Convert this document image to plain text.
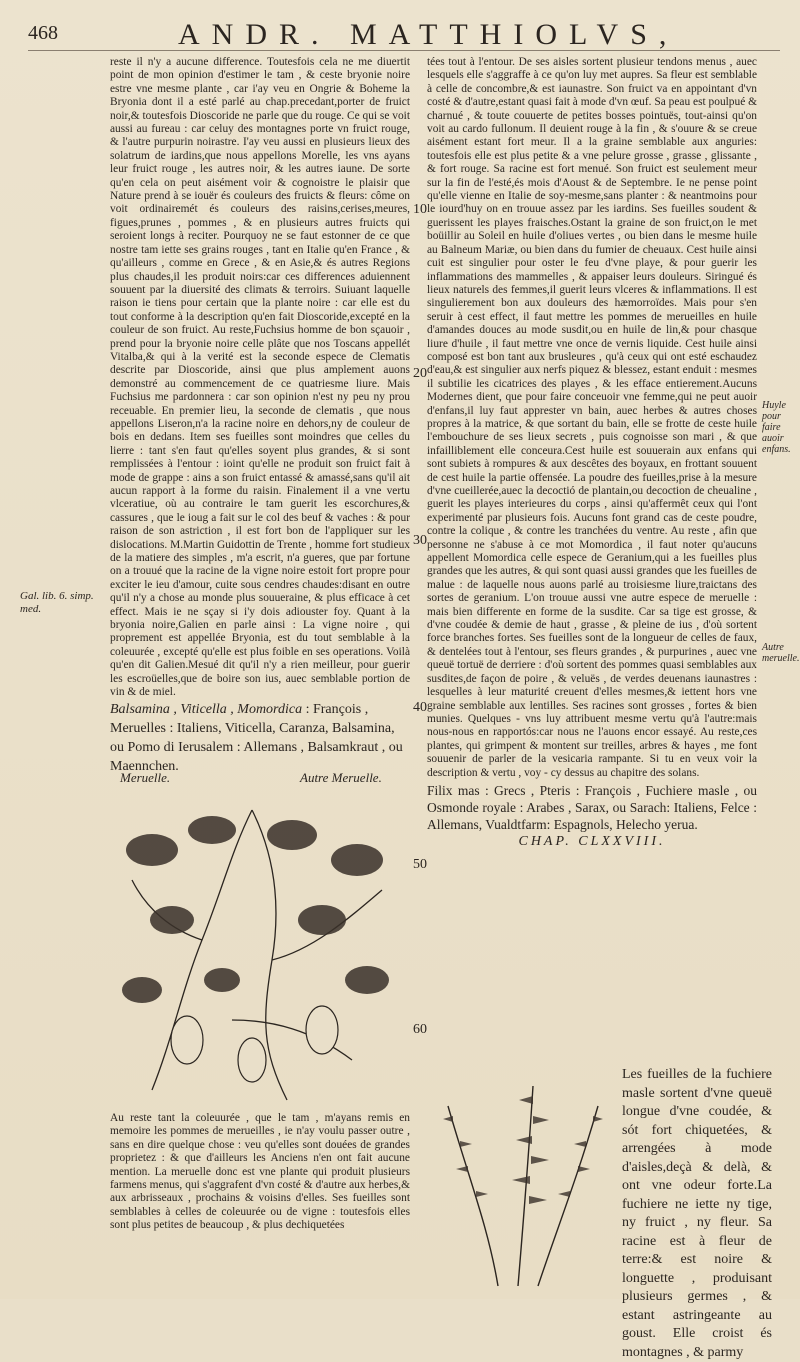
468	ANDR. MATTHIOLVS,
Gal. lib. 6. simp. med.

reste il n'y a aucune difference. Toutesfois cela ne me diuertit point de mon opinion d'estimer le tam , & ceste bryonie noire estre vne mesme plante , car i'ay veu en Ongrie & Boheme la Bryonia dont il a esté parlé au chap.precedant,porter de fruict noir,& toutesfois Dioscoride ne parle que du rouge. Ce qui se voit aussi au fureau : car celuy des montagnes porte vn fruict rouge, & l'autre purpurin noirastre. I'ay veu aussi en plusieurs lieux des solatrum de iardins,que nous appellons Morelle, les vns ayans leur fruict rouge , les autres noir, & les autres iaune. De sorte qu'en cela on peut aisément voir & cognoistre le plaisir que Nature prend à se iouër és couleurs des fruicts & fleurs: côme on voit ordinairemét és couleurs des raisins,cerises,meures, figues,prunes , pommes , & en plusieurs autres fruicts qui seroient longs à reciter. Pourquoy ne se faut estonner de ce que nostre tam iette ses grains rouges , tant en Italie qu'en France , & qu'ailleurs , comme en Grece , & en Asie,& és autres Regions plus chaudes,il les produit noirs:car ces differences aduiennent souuent par la diuersité des climats & terroirs. Suiuant laquelle raison ie tiens pour certain que la plante noire : car elle est du tout conforme à la description qu'en fait Dioscoride,excepté en la couleur de son fruict. Au reste,Fuchsius homme de bon sçauoir , prend pour la bryonie noire celle plâte que nos Toscans appellét Vitalba,& qui à la verité est la seconde espece de Clematis descrite par Dioscoride, ainsi que plus amplement auons demonstré au commencement de ce quatriesme liure. Mais Fuchsius me pardonnera : car son opinion n'est ny peu ny prou receuable. En premier lieu, la seconde de clematis , que nous appellons Liseron,n'a la racine noire en dehors,ny de couleur de bois en dedans. Item ses fueilles sont moindres que celles du lierre : tant s'en faut qu'elles soyent plus grandes, & si sont remplissées à l'entour : ioint qu'elle ne produit son fruict fait à mode de grappe : ains a son fruict entassé & amassé,sans qu'il ait aucun rapport à la forme du raisin. Finalement il a vne vertu vlceratiue, où au contraire le tam guerit les escorchures,& cassures , que le ioug a fait sur le col des beuf & vaches : & pour raison de son astriction , il est fort bon de l'appliquer sur les dislocations. M.Martin Guidottin de Trente , homme fort studieux de la matiere des simples , m'a escrit, n'a gueres, que par fortune on a trouué que la racine de la vigne noire estoit fort propre pour exciter le ieu d'amour, cuite sous cendres chaudes:disant en outre qu'il n'y a chose au monde plus souueraine, & plus efficace à cet effect. Mais ie ne sçay si i'y dois adiouster foy. Quant à la bryonia noire,Galien en parle ainsi : La vigne noire , qui proprement est appellée Bryonia, est du tout semblable à la coleuurée , excepté qu'elle est plus foible en ses operations. Voilà qu'en dit Galien.Mesué dit qu'il n'y a rien meilleur, pour guerir les escroüelles,que de boire son ius, auec semblable portion de vin & de miel.

10
20
30
40
50
60
Balsamina , Viticella , Momordica : François , Meruelles : Italiens, Viticella, Caranza, Balsamina, ou Pomo di Ierusalem : Allemans , Balsamkraut , ou Maennchen.
Meruelle.	Autre Meruelle.
Au reste tant la coleuurée , que le tam , m'ayans remis en memoire les pommes de merueilles , ie n'ay voulu passer outre , sans en dire quelque chose : veu qu'elles sont douées de grandes proprietez : & que d'ailleurs les Anciens n'en ont fait aucune mention. La meruelle donc est vne plante qui produit plusieurs farmens menus, qui s'aggrafent d'vn costé & d'autre aux herbes,& aux arbrisseaux , prochains & voisins d'elles. Ses fueilles sont semblables à celles de coleuurée ou de vigne : toutesfois elles sont plus petites de beaucoup , & plus dechiquetées

tées tout à l'entour. De ses aisles sortent plusieur tendons menus , auec lesquels elle s'aggraffe à ce qu'on luy met aupres. Sa fleur est semblable à celle de concombre,& est iaunastre. Son fruict va en appointant d'vn costé & d'autre,estant quasi fait à mode d'vn œuf. Sa peau est poulpué & charnué , & toute couuerte de petites bosses pointuës, tout-ainsi qu'on voit au cardo fullonum. Il deuient rouge à la fin , & s'ouure & se creue aisément estant fort meur. Il a la graine semblable aux anguries: toutesfois elle est plus petite & a vne pelure grosse , grasse , glissante , & fort rouge. Sa racine est fort menué. Son fruict est seulement meur sur la fin de l'esté,és mois d'Aoust & de Septembre. Ie ne pense point qu'elle vienne en Italie de soy-mesme,sans planter : & neantmoins pour le iourd'huy on en trouue assez par les iardins. Ses fueilles soudent & guerissent les playes fraisches.Ostant la graine de son fruict,on le met boüillir au Soleil en huile d'oliues vertes , ou bien dans le mesme huile au Balneum Mariæ, ou bien dans du fumier de cheuaux. Cest huile ainsi cuit est singulier pour oster le feu d'vne playe, & pour guerir les inflammations des mammelles , & appaiser leurs douleurs. Siringué és lieux naturels des femmes,il guerit leurs vlceres & inflammations. Il est singulierement bon aux douleurs des hæmorroïdes. Mais pour s'en seruir à cest effect, il faut mettre les pommes de merueilles en huile d'amandes douces au mode susdit,ou en huile de lin,& pour chasque liure d'huile , il faut mettre vne once de vernis liquide. Cest huile ainsi composé est bon tant aux brusleures , qu'à ceux qui ont esté eschaudez d'eau,& est singulier aux nerfs piquez & blessez, estant enduit : mesmes il subtilie les cicatrices des playes , & les efface entierement.Aucuns Modernes dient, que pour faire conceuoir vne femme,qui ne peut auoir d'enfans,il luy faut apprester vn bain, auec herbes & autres choses propres à la matrice, & que sortant du bain, elle se frotte de ceste huile l'embouchure de ses lieux secrets , puis cognoisse son mari , & que infailliblement elle conceura.Cest huile est souuerain aux enfans qui sont subiets à rompures & aux descêtes des boyaux, en frottant souuent de cest huile la partie offensée. La poudre des fueilles,prise à la mesure d'vne cueillerée,auec la decoctió de plantain,ou decoction de cheualine , guerit les playes interieures du corps , ainsi qu'affermêt ceux qui l'ont experimenté par plusieurs fois. Aucuns font grand cas de ceste poudre, contre la colique , & contre les tranchées du ventre. Au reste , afin que personne ne s'abuse à ce mot Momordica , il faut noter qu'aucuns appellent Momordica celle espece de Geranium,qui a les fueilles plus grandes que les autres, & qui sont quasi aussi grandes que les fueilles de malue : de laquelle nous auons parlé au troisiesme liure,traictans des sortes de geranium. L'on trouue aussi vne autre espece de meruelle : mais bien differente en forme de la susdite. Car sa tige est grosse, & d'vne coudée & demie de haut , grasse , & pleine de ius , d'où sortent force branches fortes. Ses fueilles sont de la longueur de celles de faux, & dentelées tout à l'entour, ses fleurs grandes , & purpurines , auec vne queuë tortuë de derriere : d'où sortent des pommes quasi semblables aux susdites,de façon de poire , & veluës , de verdes deuenans iaunastres : lesquelles à leur maturité creuent d'elles mesmes,& iettent hors vne graine semblable aux lentilles. Ses racines sont grosses , fortes & bien munies. Quelques - vns luy attribuent mesme vertu qu'à l'autre:mais nous-nous en rapportós:car nous ne l'auons encor essayé. Au reste,ces plantes, qui grimpent & montent sur treilles, arbres & hayes , me font souuenir de parler de la vesicaria rampante. Si tu en veux voir la description & vertu , voy - cy dessus au chapitre des solans.

Filix mas : Grecs , Pteris : François , Fuchiere masle , ou Osmonde royale : Arabes , Sarax, ou Sarach: Italiens, Felce : Allemans, Vualdtfarm: Espagnols, Helecho yerua.
CHAP. CLXXVIII.
Huyle pour faire auoir enfans.
Autre meruelle.
Les fueilles de la fuchiere masle sortent d'vne queuë longue d'vne coudée, & sót fort chiquetées, & arrengées à mode d'aisles,deçà & delà, & ont vne odeur forte.La fuchiere ne iette ny tige, ny fruict , ny fleur. Sa racine est à fleur de terre:& est noire & longuette , produisant plusieurs germes , & estant astringeante au goust. Elle croist és montagnes , & parmy
